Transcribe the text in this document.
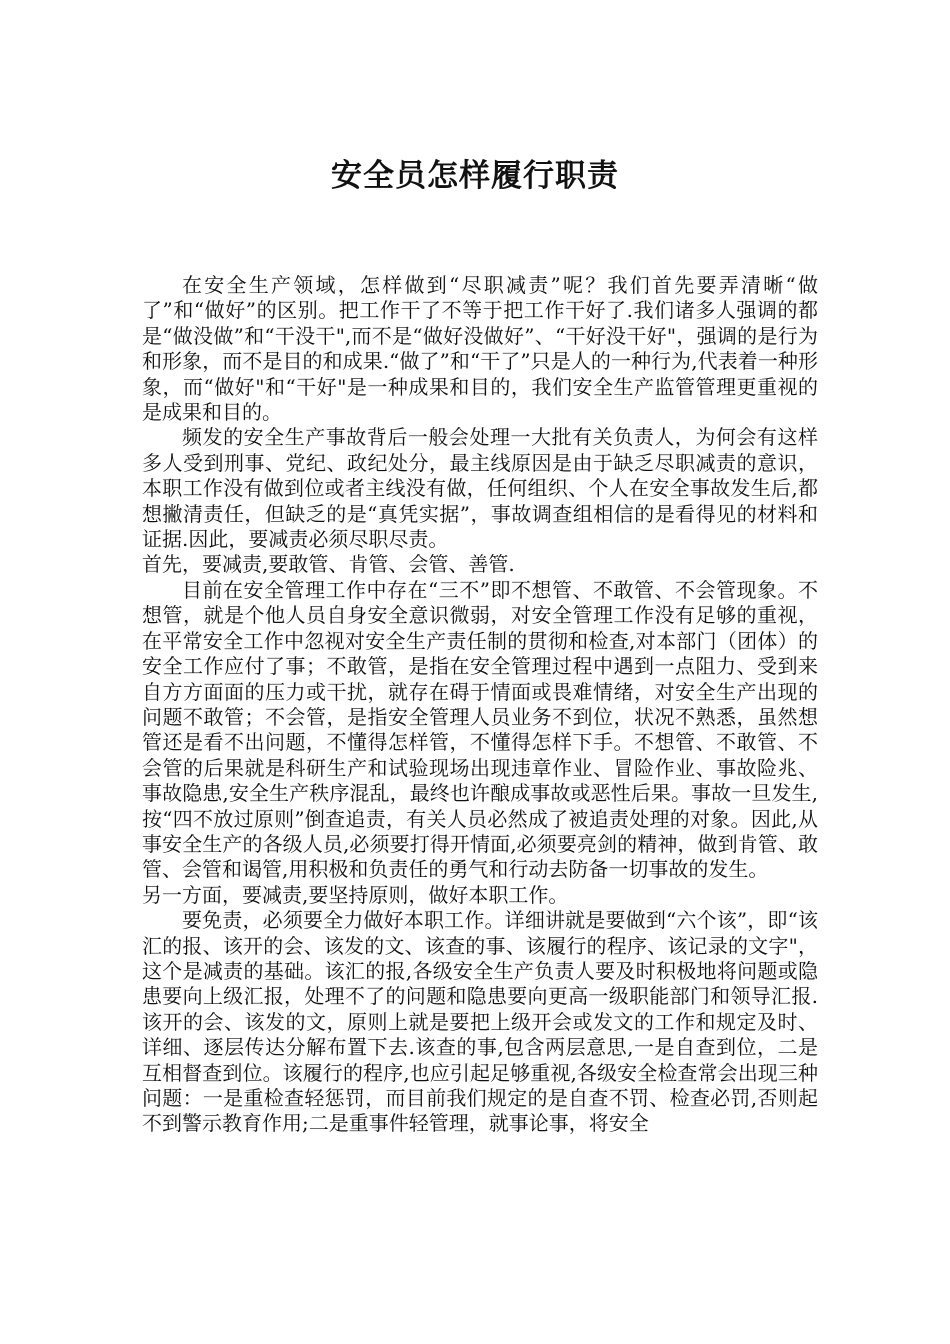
安全员怎样履行职责

在安全生产领域，怎样做到“尽职减责”呢？我们首先要弄清晰“做了”和“做好”的区别。把工作干了不等于把工作干好了.我们诸多人强调的都是“做没做”和“干没干",而不是“做好没做好”、“干好没干好"，强调的是行为和形象，而不是目的和成果.“做了”和“干了”只是人的一种行为,代表着一种形象，而“做好"和“干好"是一种成果和目的，我们安全生产监管管理更重视的是成果和目的。

频发的安全生产事故背后一般会处理一大批有关负责人，为何会有这样多人受到刑事、党纪、政纪处分，最主线原因是由于缺乏尽职减责的意识，本职工作没有做到位或者主线没有做，任何组织、个人在安全事故发生后,都想撇清责任，但缺乏的是“真凭实据”，事故调查组相信的是看得见的材料和证据.因此，要减责必须尽职尽责。

首先，要减责,要敢管、肯管、会管、善管.

目前在安全管理工作中存在“三不”即不想管、不敢管、不会管现象。不想管，就是个他人员自身安全意识微弱，对安全管理工作没有足够的重视，在平常安全工作中忽视对安全生产责任制的贯彻和检查,对本部门（团体）的安全工作应付了事；不敢管，是指在安全管理过程中遇到一点阻力、受到来自方方面面的压力或干扰，就存在碍于情面或畏难情绪，对安全生产出现的问题不敢管；不会管，是指安全管理人员业务不到位，状况不熟悉，虽然想管还是看不出问题，不懂得怎样管，不懂得怎样下手。不想管、不敢管、不会管的后果就是科研生产和试验现场出现违章作业、冒险作业、事故险兆、事故隐患,安全生产秩序混乱，最终也许酿成事故或恶性后果。事故一旦发生,按“四不放过原则”倒查追责，有关人员必然成了被追责处理的对象。因此,从事安全生产的各级人员,必须要打得开情面,必须要亮剑的精神，做到肯管、敢管、会管和谒管,用积极和负责任的勇气和行动去防备一切事故的发生。

另一方面，要减责,要坚持原则，做好本职工作。

要免责，必须要全力做好本职工作。详细讲就是要做到“六个该”，即“该汇的报、该开的会、该发的文、该查的事、该履行的程序、该记录的文字"，这个是减责的基础。该汇的报,各级安全生产负责人要及时积极地将问题或隐患要向上级汇报，处理不了的问题和隐患要向更高一级职能部门和领导汇报.该开的会、该发的文，原则上就是要把上级开会或发文的工作和规定及时、详细、逐层传达分解布置下去.该查的事,包含两层意思,一是自查到位，二是互相督查到位。该履行的程序,也应引起足够重视,各级安全检查常会出现三种问题：一是重检查轻惩罚，而目前我们规定的是自查不罚、检查必罚,否则起不到警示教育作用;二是重事件轻管理，就事论事，将安全
